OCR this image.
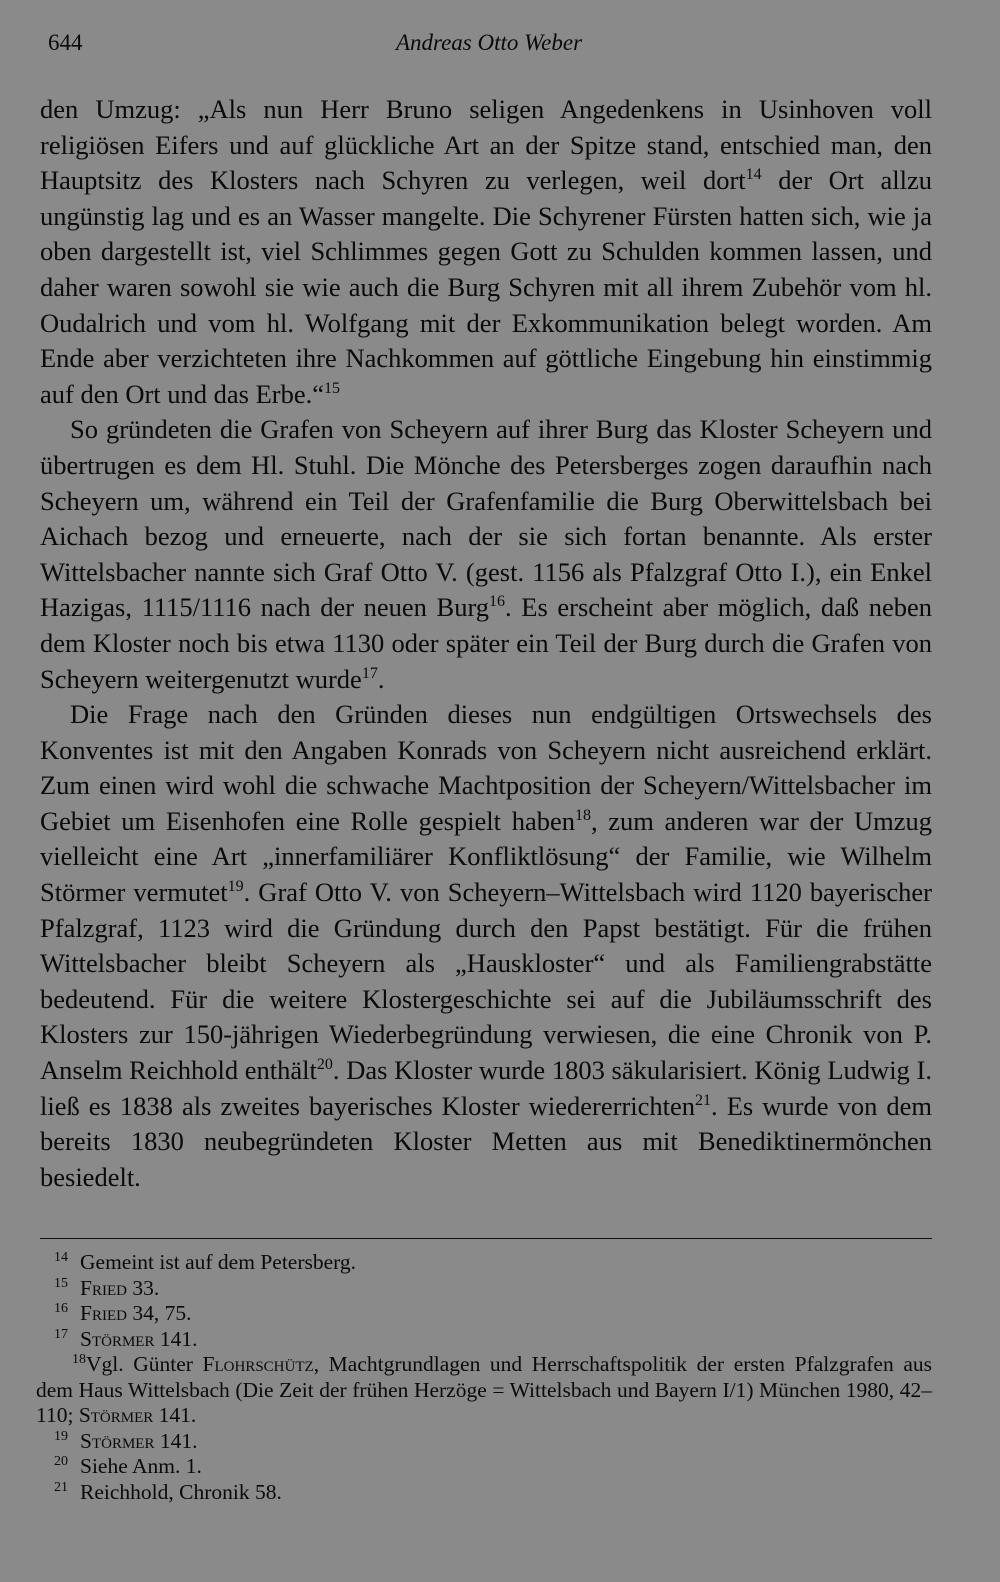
644	Andreas Otto Weber

den Umzug: „Als nun Herr Bruno seligen Angedenkens in Usinhoven voll religiösen Eifers und auf glückliche Art an der Spitze stand, entschied man, den Hauptsitz des Klosters nach Schyren zu verlegen, weil dort$^{14}$ der Ort allzu ungünstig lag und es an Wasser mangelte. Die Schyrener Fürsten hatten sich, wie ja oben dargestellt ist, viel Schlimmes gegen Gott zu Schulden kommen lassen, und daher waren sowohl sie wie auch die Burg Schyren mit all ihrem Zubehör vom hl. Oudalrich und vom hl. Wolfgang mit der Exkommunikation belegt worden. Am Ende aber verzichteten ihre Nachkommen auf göttliche Eingebung hin einstimmig auf den Ort und das Erbe.“$^{15}$

So gründeten die Grafen von Scheyern auf ihrer Burg das Kloster Scheyern und übertrugen es dem Hl. Stuhl. Die Mönche des Petersberges zogen daraufhin nach Scheyern um, während ein Teil der Grafenfamilie die Burg Oberwittelsbach bei Aichach bezog und erneuerte, nach der sie sich fortan benannte. Als erster Wittelsbacher nannte sich Graf Otto V. (gest. 1156 als Pfalzgraf Otto I.), ein Enkel Hazigas, 1115/1116 nach der neuen Burg$^{16}$. Es erscheint aber möglich, daß neben dem Kloster noch bis etwa 1130 oder später ein Teil der Burg durch die Grafen von Scheyern weitergenutzt wurde$^{17}$.

Die Frage nach den Gründen dieses nun endgültigen Ortswechsels des Konventes ist mit den Angaben Konrads von Scheyern nicht ausreichend erklärt. Zum einen wird wohl die schwache Machtposition der Scheyern/Wittelsbacher im Gebiet um Eisenhofen eine Rolle gespielt haben$^{18}$, zum anderen war der Umzug vielleicht eine Art „innerfamiliärer Konfliktlösung“ der Familie, wie Wilhelm Störmer vermutet$^{19}$. Graf Otto V. von Scheyern–Wittelsbach wird 1120 bayerischer Pfalzgraf, 1123 wird die Gründung durch den Papst bestätigt. Für die frühen Wittelsbacher bleibt Scheyern als „Hauskloster“ und als Familiengrabstätte bedeutend. Für die weitere Klostergeschichte sei auf die Jubiläumsschrift des Klosters zur 150-jährigen Wiederbegründung verwiesen, die eine Chronik von P. Anselm Reichhold enthält$^{20}$. Das Kloster wurde 1803 säkularisiert. König Ludwig I. ließ es 1838 als zweites bayerisches Kloster wiedererrichten$^{21}$. Es wurde von dem bereits 1830 neubegründeten Kloster Metten aus mit Benediktinermönchen besiedelt.

14 Gemeint ist auf dem Petersberg.

15 Fried 33.

16 Fried 34, 75.

17 Störmer 141.

18Vgl. Günter Flohrschütz, Machtgrundlagen und Herrschaftspolitik der ersten Pfalzgrafen aus dem Haus Wittelsbach (Die Zeit der frühen Herzöge = Wittelsbach und Bayern I/1) München 1980, 42–110; Störmer 141.

19 Störmer 141.

20 Siehe Anm. 1.

21 Reichhold, Chronik 58.
